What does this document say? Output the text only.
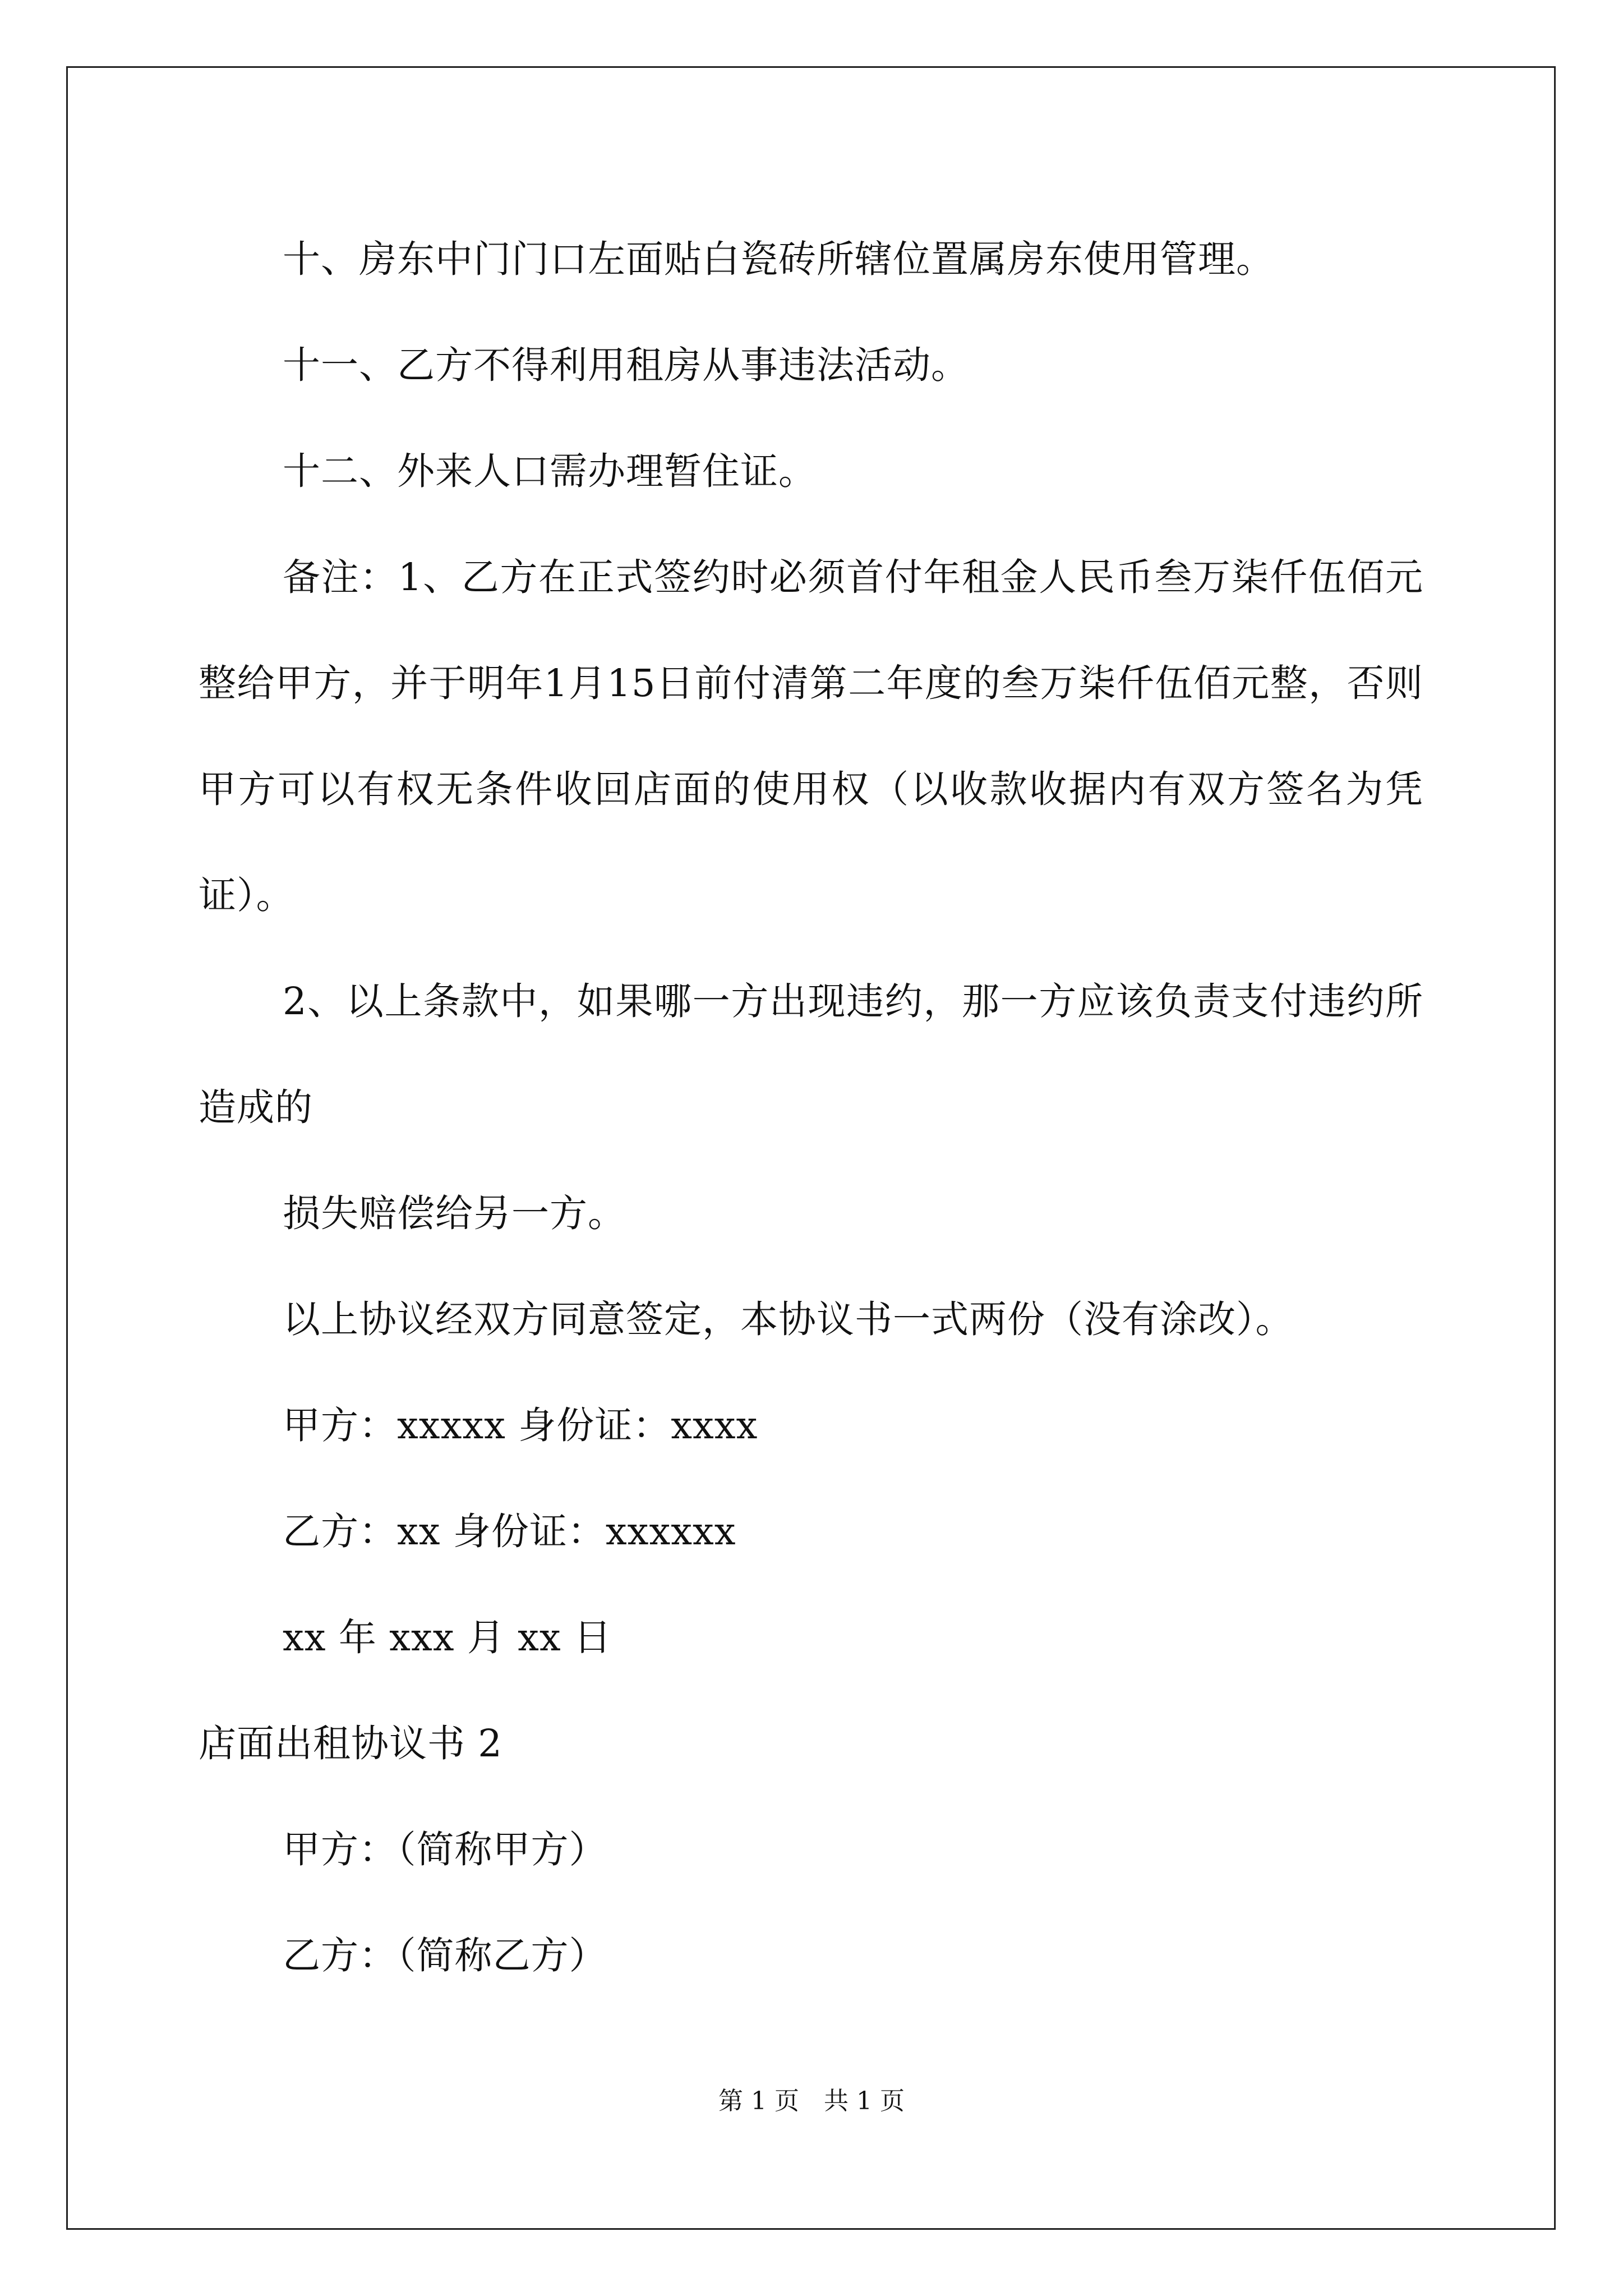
十、房东中门门口左面贴白瓷砖所辖位置属房东使用管理。

十一、乙方不得利用租房从事违法活动。

十二、外来人口需办理暂住证。

备注：1、乙方在正式签约时必须首付年租金人民币叁万柒仟伍佰元整给甲方，并于明年1月15日前付清第二年度的叁万柒仟伍佰元整，否则甲方可以有权无条件收回店面的使用权（以收款收据内有双方签名为凭证）。

2、以上条款中，如果哪一方出现违约，那一方应该负责支付违约所造成的

损失赔偿给另一方。

以上协议经双方同意签定，本协议书一式两份（没有涂改）。

甲方：xxxxx 身份证：xxxx

乙方：xx 身份证：xxxxxx

xx 年 xxx 月 xx 日

店面出租协议书 2

甲方：（简称甲方）

乙方：（简称乙方）

第 1 页　共 1 页
